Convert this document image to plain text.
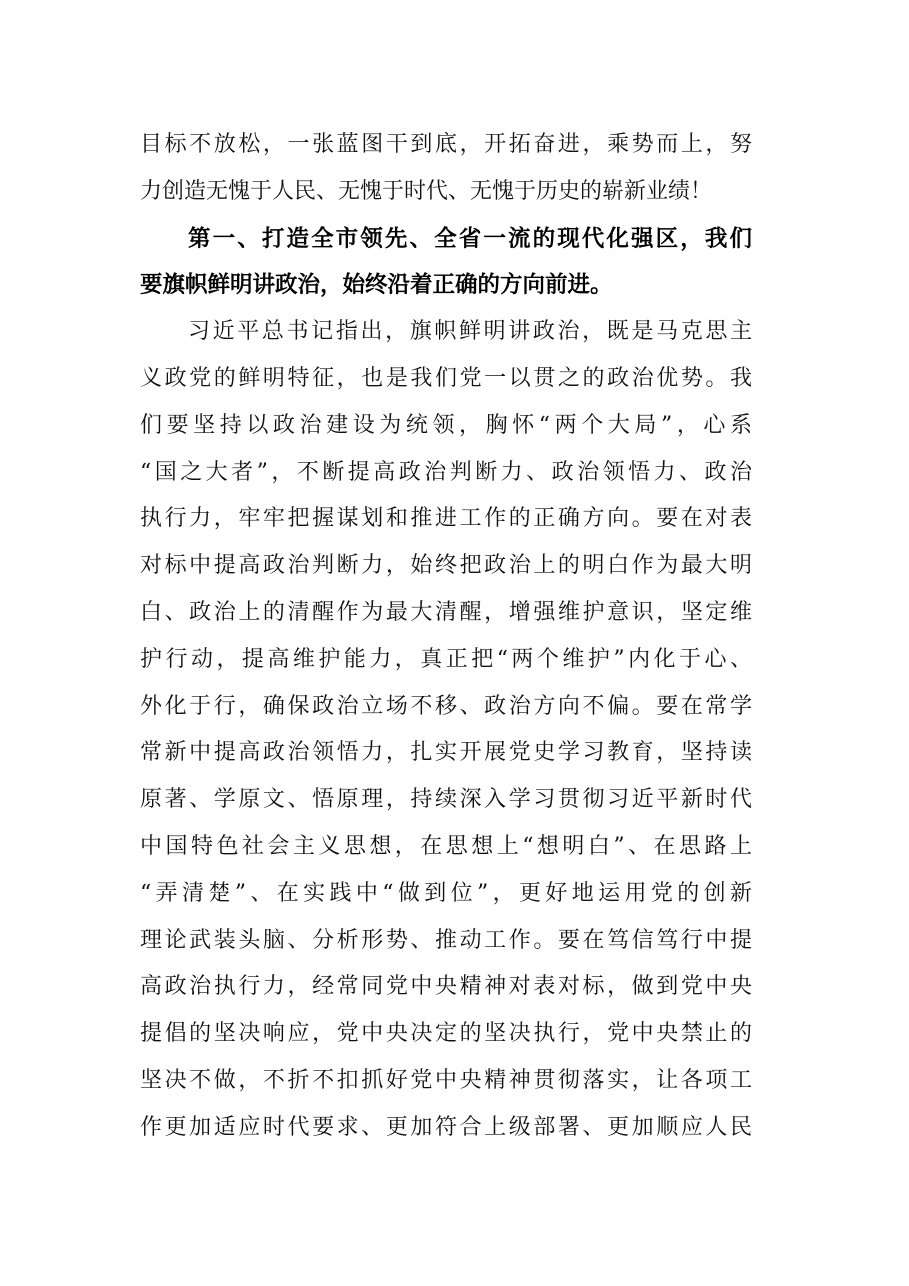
目标不放松，一张蓝图干到底，开拓奋进，乘势而上，努
力创造无愧于人民、无愧于时代、无愧于历史的崭新业绩！
第一、打造全市领先、全省一流的现代化强区，我们
要旗帜鲜明讲政治，始终沿着正确的方向前进。
习近平总书记指出，旗帜鲜明讲政治，既是马克思主
义政党的鲜明特征，也是我们党一以贯之的政治优势。我
们要坚持以政治建设为统领，胸怀“两个大局”，心系
“国之大者”，不断提高政治判断力、政治领悟力、政治
执行力，牢牢把握谋划和推进工作的正确方向。要在对表
对标中提高政治判断力，始终把政治上的明白作为最大明
白、政治上的清醒作为最大清醒，增强维护意识，坚定维
护行动，提高维护能力，真正把“两个维护”内化于心、
外化于行，确保政治立场不移、政治方向不偏。要在常学
常新中提高政治领悟力，扎实开展党史学习教育，坚持读
原著、学原文、悟原理，持续深入学习贯彻习近平新时代
中国特色社会主义思想，在思想上“想明白”、在思路上
“弄清楚”、在实践中“做到位”，更好地运用党的创新
理论武装头脑、分析形势、推动工作。要在笃信笃行中提
高政治执行力，经常同党中央精神对表对标，做到党中央
提倡的坚决响应，党中央决定的坚决执行，党中央禁止的
坚决不做，不折不扣抓好党中央精神贯彻落实，让各项工
作更加适应时代要求、更加符合上级部署、更加顺应人民
